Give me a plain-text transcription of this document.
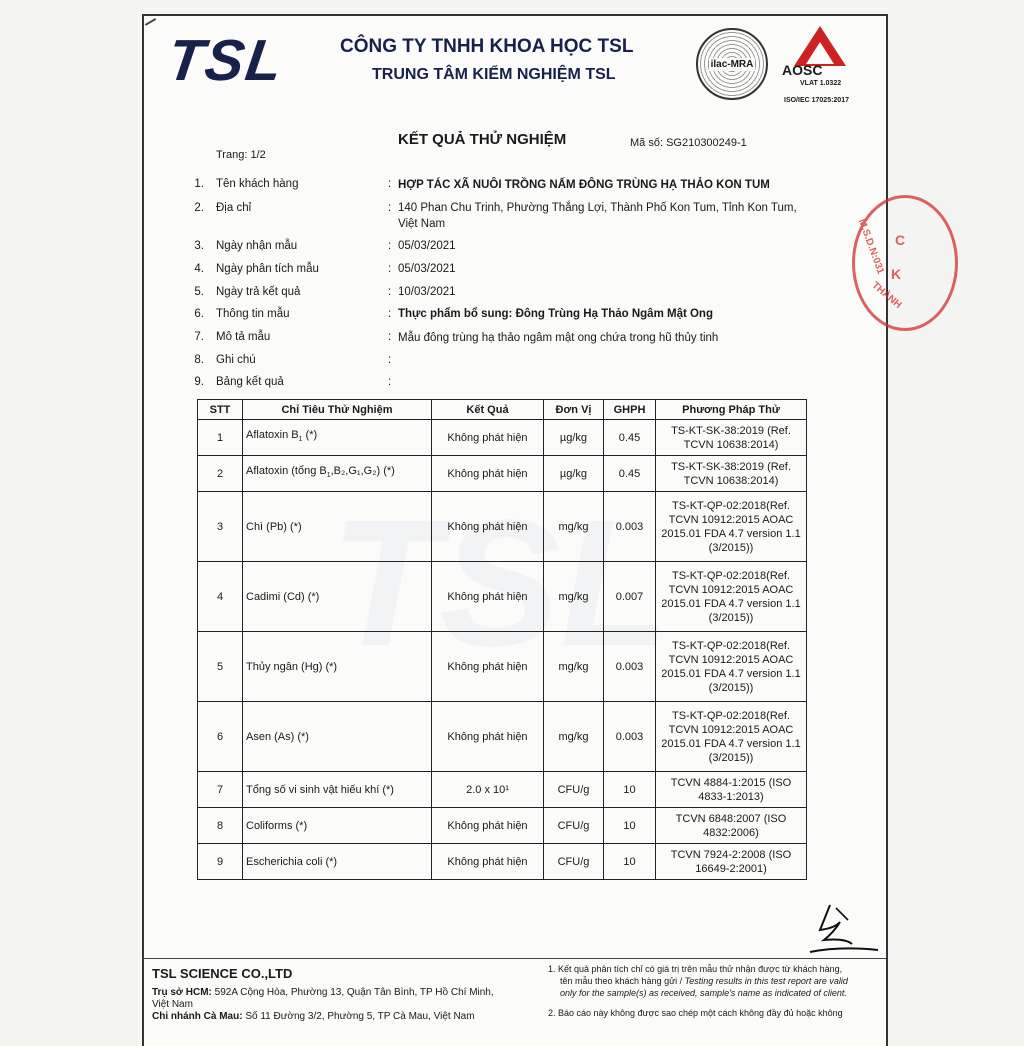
TSL	CÔNG TY TNHH KHOA HỌC TSL
TRUNG TÂM KIỂM NGHIỆM TSL
ilac-MRA AOSC
VLAT 1.0322
ISO/IEC 17025:2017
KẾT QUẢ THỬ NGHIỆM	Mã số: SG210300249-1
Trang: 1/2
1. Tên khách hàng	: HỢP TÁC XÃ NUÔI TRỒNG NẤM ĐÔNG TRÙNG HẠ THẢO KON TUM
2. Địa chỉ	: 140 Phan Chu Trinh, Phường Thắng Lợi, Thành Phố Kon Tum, Tỉnh Kon Tum,
Việt Nam
3. Ngày nhận mẫu	: 05/03/2021
4. Ngày phân tích mẫu	: 05/03/2021
5. Ngày trả kết quả	: 10/03/2021
6. Thông tin mẫu	: Thực phẩm bổ sung: Đông Trùng Hạ Thảo Ngâm Mật Ong
7. Mô tả mẫu	: Mẫu đông trùng hạ thảo ngâm mật ong chứa trong hũ thủy tinh
8. Ghi chú	:
9. Bảng kết quả	:
STT	Chỉ Tiêu Thử Nghiệm	Kết Quả	Đơn Vị	GHPH	Phương Pháp Thử
1	Aflatoxin $B_1$ (*)	Không phát hiện	µg/kg	0.45	TS-KT-SK-38:2019 (Ref.
TCVN 10638:2014)

2	Aflatoxin (tổng $B_1,B_2,G_1,G_2$) (*)	Không phát hiện	µg/kg	0.45	TS-KT-SK-38:2019 (Ref.
TCVN 10638:2014)

3	Chì (Pb) (*)	Không phát hiện	mg/kg	0.003	TS-KT-QP-02:2018(Ref.
TCVN 10912:2015 AOAC
2015.01 FDA 4.7 version 1.1
(3/2015))

4	Cadimi (Cd) (*)	Không phát hiện	mg/kg	0.007	TS-KT-QP-02:2018(Ref.
TCVN 10912:2015 AOAC
2015.01 FDA 4.7 version 1.1
(3/2015))

5	Thủy ngân (Hg) (*)	Không phát hiện	mg/kg	0.003	TS-KT-QP-02:2018(Ref.
TCVN 10912:2015 AOAC
2015.01 FDA 4.7 version 1.1
(3/2015))

6	Asen (As) (*)	Không phát hiện	mg/kg	0.003	TS-KT-QP-02:2018(Ref.
TCVN 10912:2015 AOAC
2015.01 FDA 4.7 version 1.1
(3/2015))

7	Tổng số vi sinh vật hiếu khí (*)	2.0 x 10¹	CFU/g	10	TCVN 4884-1:2015 (ISO
4833-1:2013)

8	Coliforms (*)	Không phát hiện	CFU/g	10	TCVN 6848:2007 (ISO
4832:2006)

9	Escherichia coli (*)	Không phát hiện	CFU/g	10	TCVN 7924-2:2008 (ISO
16649-2:2001)
M.S.D.N:031 C
K
THÀNH
TSL SCIENCE CO.,LTD
Trụ sở HCM: 592A Cộng Hòa, Phường 13, Quận Tân Bình, TP Hồ Chí Minh,
Việt Nam
Chi nhánh Cà Mau: Số 11 Đường 3/2, Phường 5, TP Cà Mau, Việt Nam
1. Kết quả phân tích chỉ có giá trị trên mẫu thử nhận được từ khách hàng,
tên mẫu theo khách hàng gửi / Testing results in this test report are valid
only for the sample(s) as received, sample's name as indicated of client.
2. Báo cáo này không được sao chép một cách không đầy đủ hoặc không
